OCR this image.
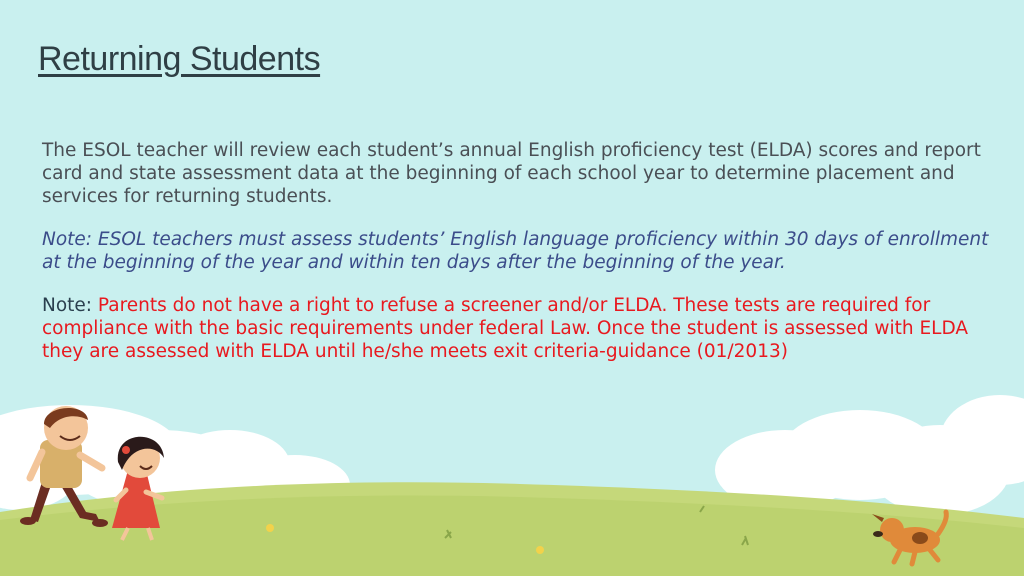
Returning Students

The ESOL teacher will review each student’s annual English proficiency test (ELDA) scores and report card and state assessment data at the beginning of each school year to determine placement and services for returning students.

Note: ESOL teachers must assess students’ English language proficiency within 30 days of enrollment at the beginning of the year and within ten days after the beginning of the year.

Note: Parents do not have a right to refuse a screener and/or ELDA. These tests are required for compliance with the basic requirements under federal Law. Once the student is assessed with ELDA they are assessed with ELDA until he/she meets exit criteria-guidance (01/2013)
